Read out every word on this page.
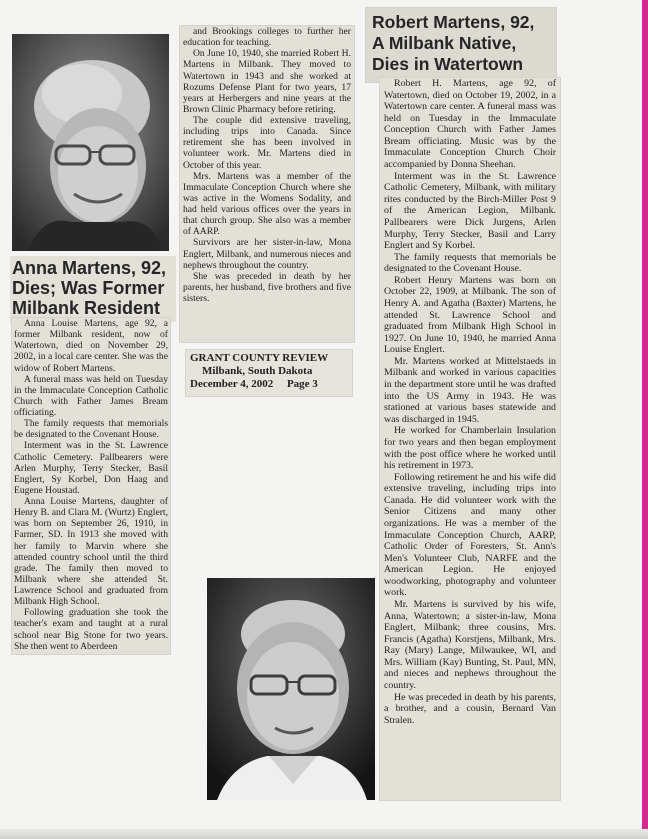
Anna Martens, 92, Dies; Was Former Milbank Resident

Anna Louise Martens, age 92, a former Milbank resident, now of Watertown, died on November 29, 2002, in a local care center. She was the widow of Robert Martens.

A funeral mass was held on Tuesday in the Immaculate Conception Catholic Church with Father James Bream officiating.

The family requests that memorials be designated to the Covenant House.

Interment was in the St. Lawrence Catholic Cemetery. Pallbearers were Arlen Murphy, Terry Stecker, Basil Englert, Sy Korbel, Don Haag and Eugene Houstad.

Anna Louise Martens, daughter of Henry B. and Clara M. (Wurtz) Englert, was born on September 26, 1910, in Farmer, SD. In 1913 she moved with her family to Marvin where she attended country school until the third grade. The family then moved to Milbank where she attended St. Lawrence School and graduated from Milbank High School.

Following graduation she took the teacher's exam and taught at a rural school near Big Stone for two years. She then went to Aberdeen

and Brookings colleges to further her education for teaching.

On June 10, 1940, she married Robert H. Martens in Milbank. They moved to Watertown in 1943 and she worked at Rozums Defense Plant for two years, 17 years at Herbergers and nine years at the Brown Clinic Pharmacy before retiring.

The couple did extensive traveling, including trips into Canada. Since retirement she has been involved in volunteer work. Mr. Martens died in October of this year.

Mrs. Martens was a member of the Immaculate Conception Church where she was active in the Womens Sodality, and had held various offices over the years in that church group. She also was a member of AARP.

Survivors are her sister-in-law, Mona Englert, Milbank, and numerous nieces and nephews throughout the country.

She was preceded in death by her parents, her husband, five brothers and five sisters.

GRANT COUNTY REVIEW
Milbank, South Dakota
December 4, 2002     Page 3
Robert Martens, 92,
A Milbank Native,
Dies in Watertown

Robert H. Martens, age 92, of Watertown, died on October 19, 2002, in a Watertown care center. A funeral mass was held on Tuesday in the Immaculate Conception Church with Father James Bream officiating. Music was by the Immaculate Conception Church Choir accompanied by Donna Sheehan.

Interment was in the St. Lawrence Catholic Cemetery, Milbank, with military rites conducted by the Birch-Miller Post 9 of the American Legion, Milbank. Pallbearers were Dick Jurgens, Arlen Murphy, Terry Stecker, Basil and Larry Englert and Sy Korbel.

The family requests that memorials be designated to the Covenant House.

Robert Henry Martens was born on October 22, 1909, at Milbank. The son of Henry A. and Agatha (Baxter) Martens, he attended St. Lawrence School and graduated from Milbank High School in 1927. On June 10, 1940, he married Anna Louise Englert.

Mr. Martens worked at Mittelstaeds in Milbank and worked in various capacities in the department store until he was drafted into the US Army in 1943. He was stationed at various bases statewide and was discharged in 1945.

He worked for Chamberlain Insulation for two years and then began employment with the post office where he worked until his retirement in 1973.

Following retirement he and his wife did extensive traveling, including trips into Canada. He did volunteer work with the Senior Citizens and many other organizations. He was a member of the Immaculate Conception Church, AARP, Catholic Order of Foresters, St. Ann's Men's Volunteer Club, NARFE and the American Legion. He enjoyed woodworking, photography and volunteer work.

Mr. Martens is survived by his wife, Anna, Watertown; a sister-in-law, Mona Englert, Milbank; three cousins, Mrs. Francis (Agatha) Korstjens, Milbank, Mrs. Ray (Mary) Lange, Milwaukee, WI, and Mrs. William (Kay) Bunting, St. Paul, MN, and nieces and nephews throughout the country.

He was preceded in death by his parents, a brother, and a cousin, Bernard Van Stralen.
